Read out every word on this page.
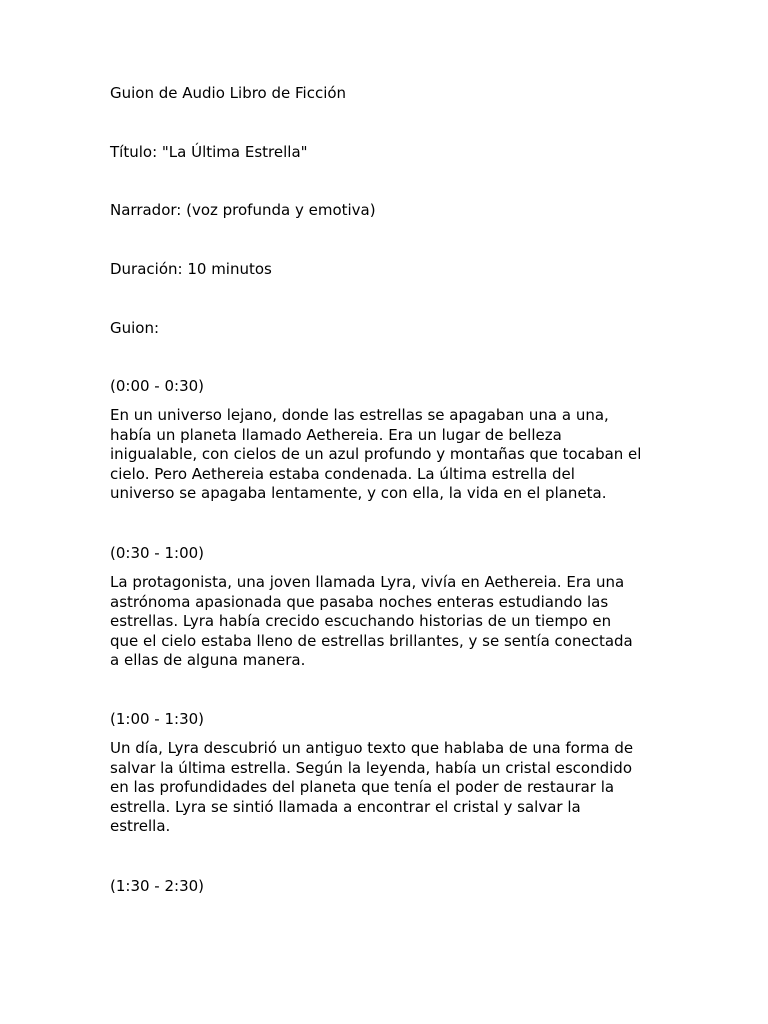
Guion de Audio Libro de Ficción

Título: "La Última Estrella"

Narrador: (voz profunda y emotiva)

Duración: 10 minutos

Guion:

(0:00 - 0:30)

En un universo lejano, donde las estrellas se apagaban una a una,
había un planeta llamado Aethereia. Era un lugar de belleza
inigualable, con cielos de un azul profundo y montañas que tocaban el
cielo. Pero Aethereia estaba condenada. La última estrella del
universo se apagaba lentamente, y con ella, la vida en el planeta.

(0:30 - 1:00)

La protagonista, una joven llamada Lyra, vivía en Aethereia. Era una
astrónoma apasionada que pasaba noches enteras estudiando las
estrellas. Lyra había crecido escuchando historias de un tiempo en
que el cielo estaba lleno de estrellas brillantes, y se sentía conectada
a ellas de alguna manera.

(1:00 - 1:30)

Un día, Lyra descubrió un antiguo texto que hablaba de una forma de
salvar la última estrella. Según la leyenda, había un cristal escondido
en las profundidades del planeta que tenía el poder de restaurar la
estrella. Lyra se sintió llamada a encontrar el cristal y salvar la
estrella.

(1:30 - 2:30)
